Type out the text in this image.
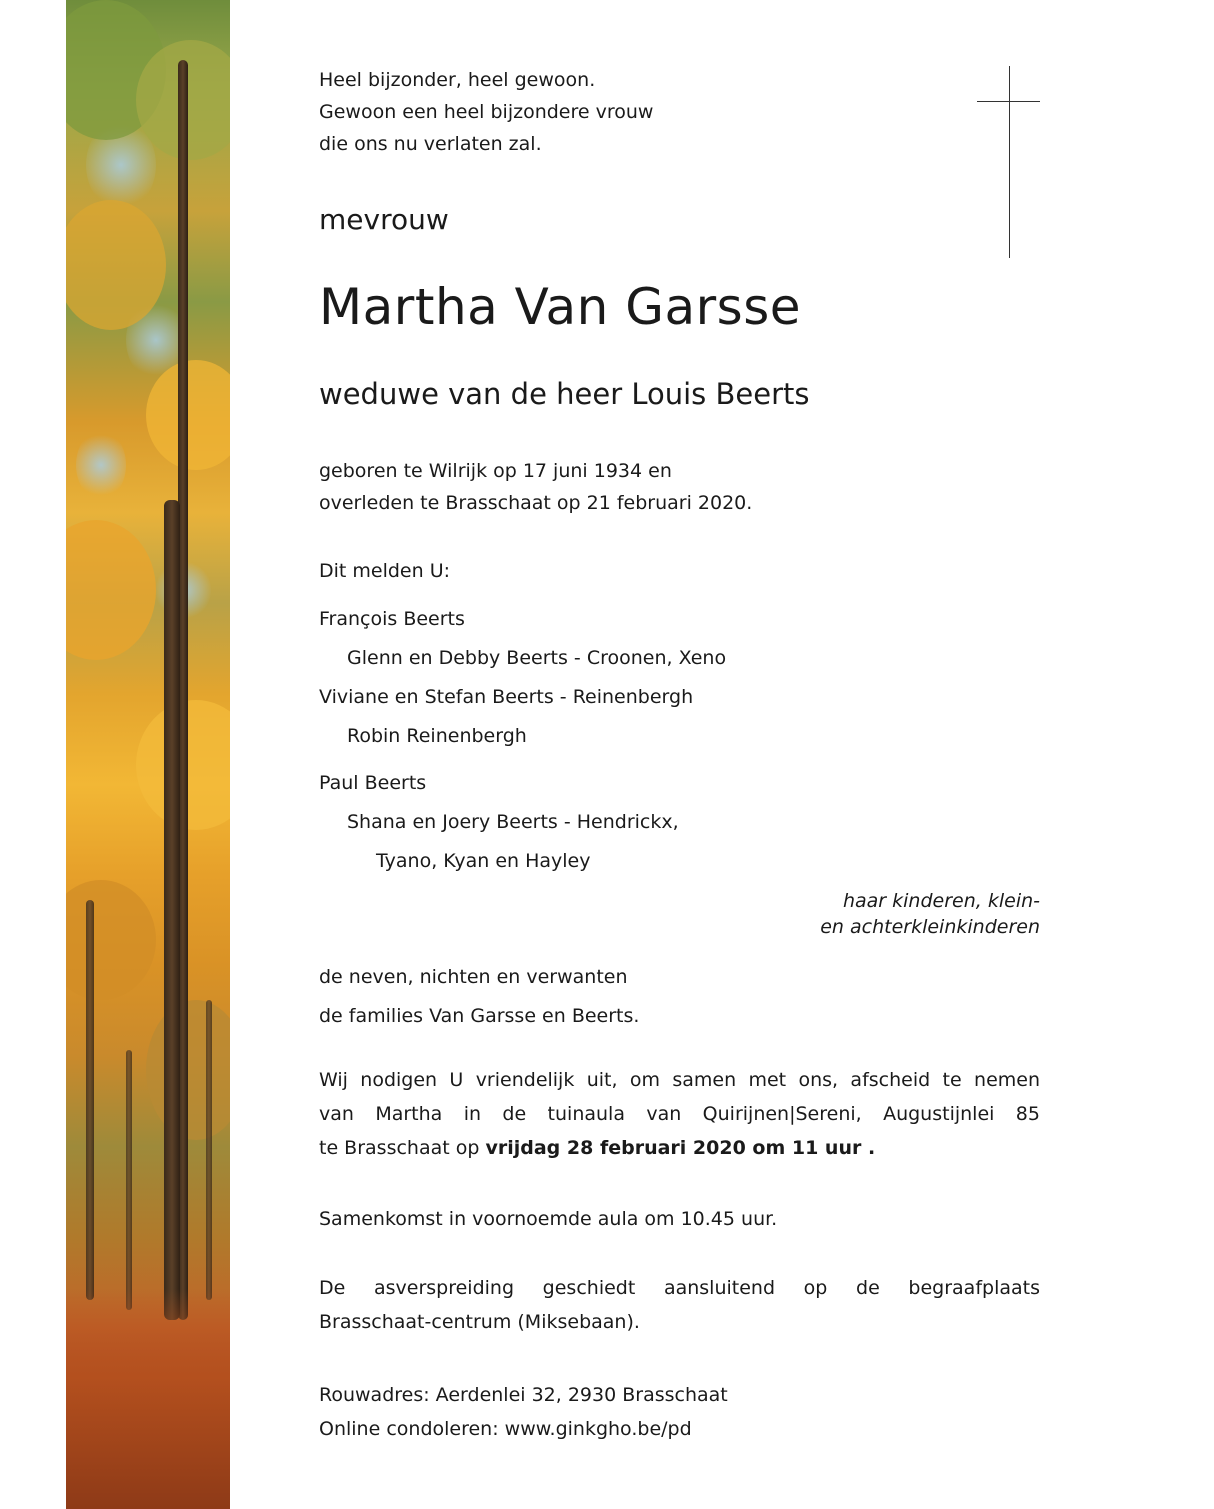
Heel bijzonder, heel gewoon.
Gewoon een heel bijzondere vrouw
die ons nu verlaten zal.
mevrouw
Martha Van Garsse
weduwe van de heer Louis Beerts
geboren te Wilrijk op 17 juni 1934 en
overleden te Brasschaat op 21 februari 2020.
Dit melden U:
François Beerts
Glenn en Debby Beerts - Croonen, Xeno
Viviane en Stefan Beerts - Reinenbergh
Robin Reinenbergh
Paul Beerts
Shana en Joery Beerts - Hendrickx,
Tyano, Kyan en Hayley
haar kinderen, klein-
en achterkleinkinderen
de neven, nichten en verwanten
de families Van Garsse en Beerts.
Wij nodigen U vriendelijk uit, om samen met ons, afscheid te nemen
van Martha in de tuinaula van Quirijnen|Sereni, Augustijnlei 85
te Brasschaat op vrijdag 28 februari 2020 om 11 uur .
Samenkomst in voornoemde aula om 10.45 uur.
De asverspreiding geschiedt aansluitend op de begraafplaats
Brasschaat-centrum (Miksebaan).
Rouwadres: Aerdenlei 32, 2930 Brasschaat
Online condoleren: www.ginkgho.be/pd
